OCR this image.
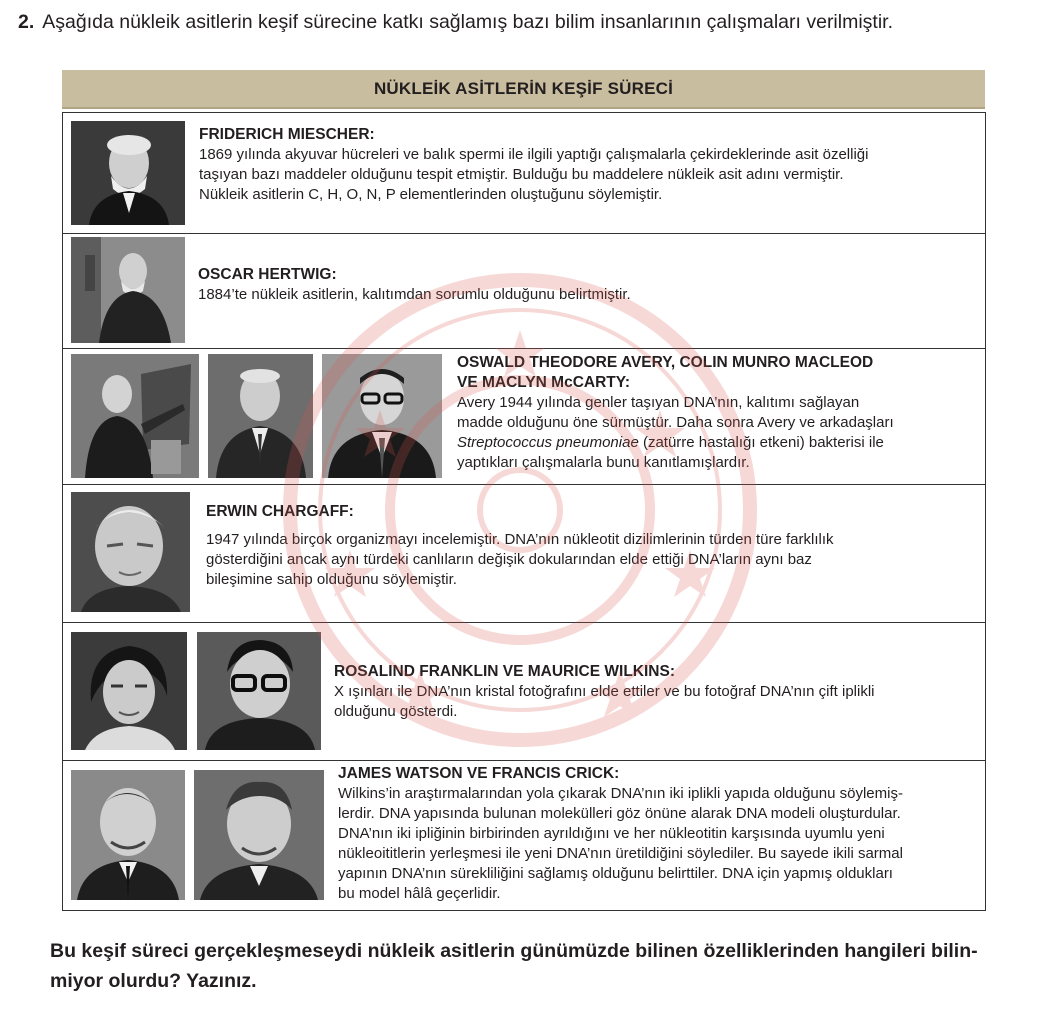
2. Aşağıda nükleik asitlerin keşif sürecine katkı sağlamış bazı bilim insanlarının çalışmaları verilmiştir.
NÜKLEİK ASİTLERİN KEŞİF SÜRECİ
FRIDERICH MIESCHER:
1869 yılında akyuvar hücreleri ve balık spermi ile ilgili yaptığı çalışmalarla çekirdeklerinde asit özelliği
taşıyan bazı maddeler olduğunu tespit etmiştir. Bulduğu bu maddelere nükleik asit adını vermiştir.
Nükleik asitlerin C, H, O, N, P elementlerinden oluştuğunu söylemiştir.
OSCAR HERTWIG:
1884’te nükleik asitlerin, kalıtımdan sorumlu olduğunu belirtmiştir.
OSWALD THEODORE AVERY, COLIN MUNRO MACLEOD
VE MACLYN McCARTY:
Avery 1944 yılında genler taşıyan DNA’nın, kalıtımı sağlayan
madde olduğunu öne sürmüştür. Daha sonra Avery ve arkadaşları
Streptococcus pneumoniae (zatürre hastalığı etkeni) bakterisi ile
yaptıkları çalışmalarla bunu kanıtlamışlardır.
ERWIN CHARGAFF:
1947 yılında birçok organizmayı incelemiştir. DNA’nın nükleotit dizilimlerinin türden türe farklılık
gösterdiğini ancak aynı türdeki canlıların değişik dokularından elde ettiği DNA’ların aynı baz
bileşimine sahip olduğunu söylemiştir.
ROSALIND FRANKLIN VE MAURICE WILKINS:
X ışınları ile DNA’nın kristal fotoğrafını elde ettiler ve bu fotoğraf DNA’nın çift iplikli
olduğunu gösterdi.
JAMES WATSON VE FRANCIS CRICK:
Wilkins’in araştırmalarından yola çıkarak DNA’nın iki iplikli yapıda olduğunu söylemiş-
lerdir. DNA yapısında bulunan molekülleri göz önüne alarak DNA modeli oluşturdular.
DNA’nın iki ipliğinin birbirinden ayrıldığını ve her nükleotitin karşısında uyumlu yeni
nükleoititlerin yerleşmesi ile yeni DNA’nın üretildiğini söylediler. Bu sayede ikili sarmal
yapının DNA’nın sürekliliğini sağlamış olduğunu belirttiler. DNA için yapmış oldukları
bu model hâlâ geçerlidir.
Bu keşif süreci gerçekleşmeseydi nükleik asitlerin günümüzde bilinen özelliklerinden hangileri bilin-
miyor olurdu? Yazınız.
